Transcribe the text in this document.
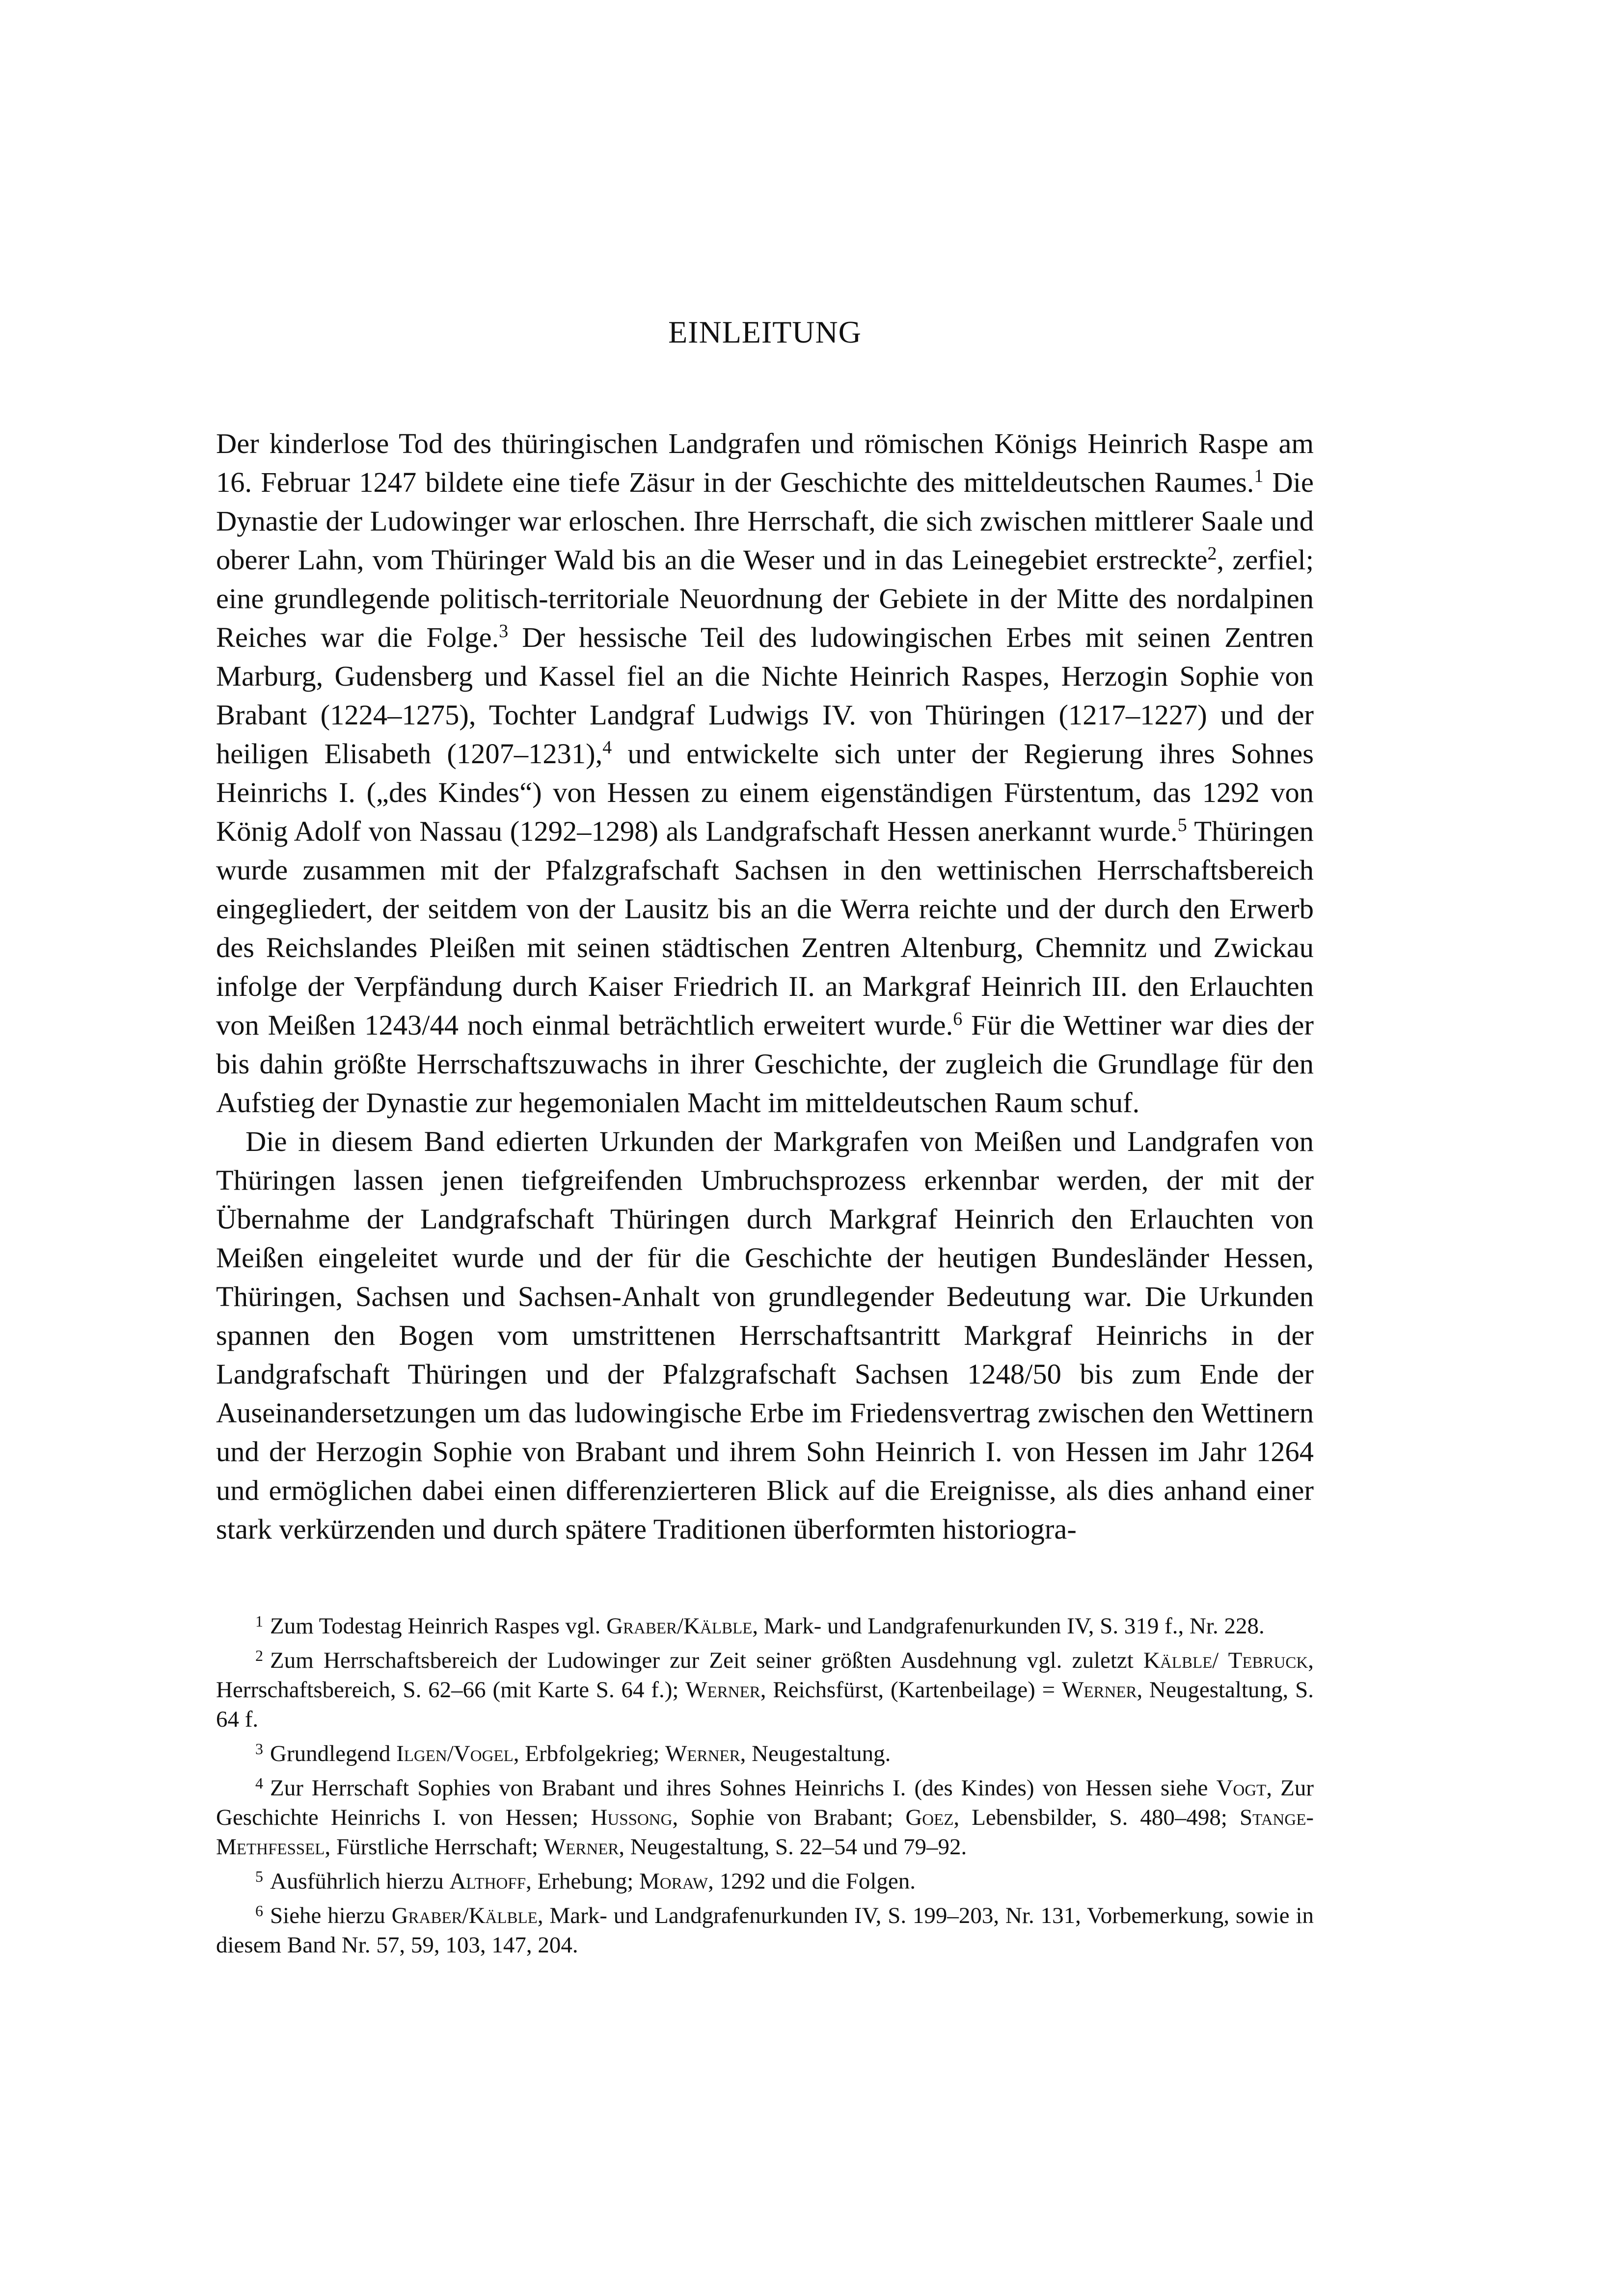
EINLEITUNG

Der kinderlose Tod des thüringischen Landgrafen und römischen Königs Heinrich Raspe am 16. Februar 1247 bildete eine tiefe Zäsur in der Geschichte des mitteldeutschen Raumes.$^1$ Die Dynastie der Ludowinger war erloschen. Ihre Herrschaft, die sich zwischen mittlerer Saale und oberer Lahn, vom Thüringer Wald bis an die Weser und in das Leinegebiet erstreckte$^2$, zerfiel; eine grundlegende politisch-territoriale Neuordnung der Gebiete in der Mitte des nordalpinen Reiches war die Folge.$^3$ Der hessische Teil des ludowingischen Erbes mit seinen Zentren Marburg, Gudensberg und Kassel fiel an die Nichte Heinrich Raspes, Herzogin Sophie von Brabant (1224–1275), Tochter Landgraf Ludwigs IV. von Thüringen (1217–1227) und der heiligen Elisabeth (1207–1231),$^4$ und entwickelte sich unter der Regierung ihres Sohnes Heinrichs I. („des Kindes“) von Hessen zu einem eigenständigen Fürstentum, das 1292 von König Adolf von Nassau (1292–1298) als Landgrafschaft Hessen anerkannt wurde.$^5$ Thüringen wurde zusammen mit der Pfalzgrafschaft Sachsen in den wettinischen Herrschaftsbereich eingegliedert, der seitdem von der Lausitz bis an die Werra reichte und der durch den Erwerb des Reichslandes Pleißen mit seinen städtischen Zentren Altenburg, Chemnitz und Zwickau infolge der Verpfändung durch Kaiser Friedrich II. an Markgraf Heinrich III. den Erlauchten von Meißen 1243/44 noch einmal beträchtlich erweitert wurde.$^6$ Für die Wettiner war dies der bis dahin größte Herrschaftszuwachs in ihrer Geschichte, der zugleich die Grundlage für den Aufstieg der Dynastie zur hegemonialen Macht im mitteldeutschen Raum schuf.

Die in diesem Band edierten Urkunden der Markgrafen von Meißen und Landgrafen von Thüringen lassen jenen tiefgreifenden Umbruchsprozess erkennbar werden, der mit der Übernahme der Landgrafschaft Thüringen durch Markgraf Heinrich den Erlauchten von Meißen eingeleitet wurde und der für die Geschichte der heutigen Bundesländer Hessen, Thüringen, Sachsen und Sachsen-Anhalt von grundlegender Bedeutung war. Die Urkunden spannen den Bogen vom umstrittenen Herrschaftsantritt Markgraf Heinrichs in der Landgrafschaft Thüringen und der Pfalzgrafschaft Sachsen 1248/50 bis zum Ende der Auseinandersetzungen um das ludowingische Erbe im Friedensvertrag zwischen den Wettinern und der Herzogin Sophie von Brabant und ihrem Sohn Heinrich I. von Hessen im Jahr 1264 und ermöglichen dabei einen differenzierteren Blick auf die Ereignisse, als dies anhand einer stark verkürzenden und durch spätere Traditionen überformten historiogra-

$^1$ Zum Todestag Heinrich Raspes vgl. Graber/Kälble, Mark- und Landgrafenurkunden IV, S. 319 f., Nr. 228.

$^2$ Zum Herrschaftsbereich der Ludowinger zur Zeit seiner größten Ausdehnung vgl. zuletzt Kälble/ Tebruck, Herrschaftsbereich, S. 62–66 (mit Karte S. 64 f.); Werner, Reichsfürst, (Kartenbeilage) = Werner, Neugestaltung, S. 64 f.

$^3$ Grundlegend Ilgen/Vogel, Erbfolgekrieg; Werner, Neugestaltung.

$^4$ Zur Herrschaft Sophies von Brabant und ihres Sohnes Heinrichs I. (des Kindes) von Hessen siehe Vogt, Zur Geschichte Heinrichs I. von Hessen; Hussong, Sophie von Brabant; Goez, Lebensbilder, S. 480–498; Stange-Methfessel, Fürstliche Herrschaft; Werner, Neugestaltung, S. 22–54 und 79–92.

$^5$ Ausführlich hierzu Althoff, Erhebung; Moraw, 1292 und die Folgen.

$^6$ Siehe hierzu Graber/Kälble, Mark- und Landgrafenurkunden IV, S. 199–203, Nr. 131, Vorbemerkung, sowie in diesem Band Nr. 57, 59, 103, 147, 204.
